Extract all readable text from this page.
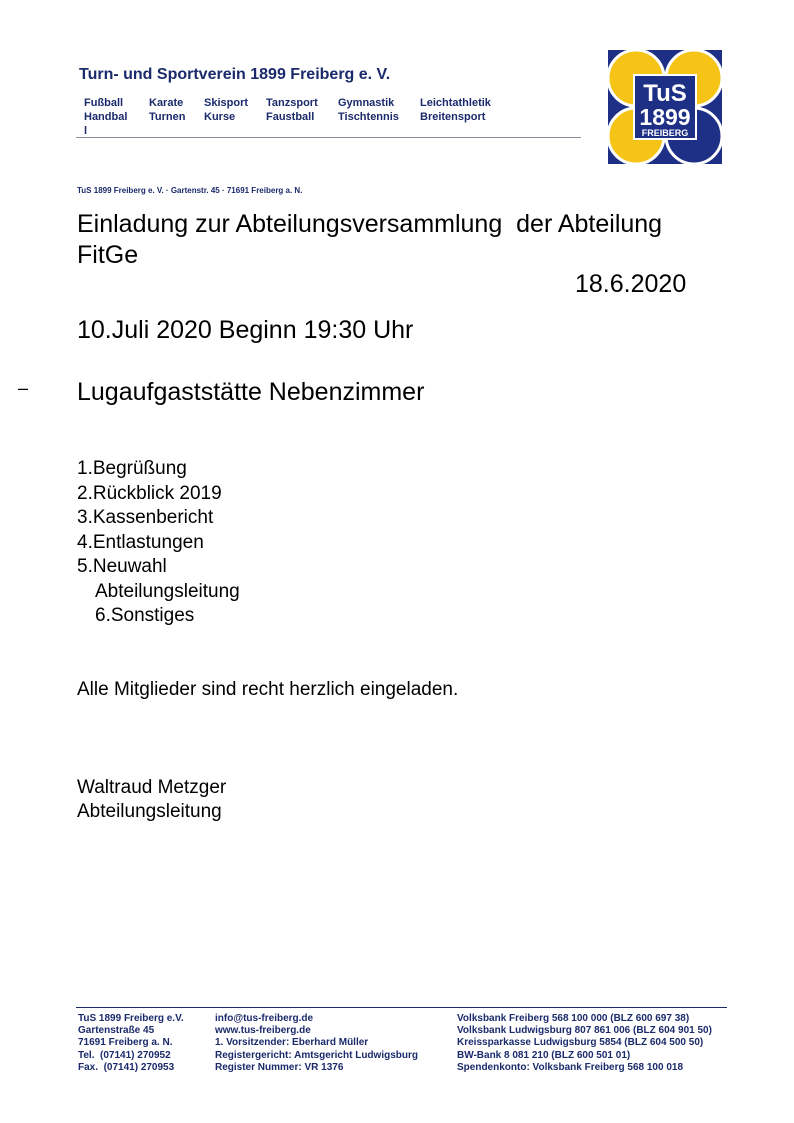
Turn- und Sportverein 1899 Freiberg e. V.
Fußball
Handbal
l
Karate
Turnen
Skisport
Kurse
Tanzsport
Faustball
Gymnastik
Tischtennis
Leichtathletik
Breitensport
TuS
1899
FREIBERG
TuS 1899 Freiberg e. V. · Gartenstr. 45 · 71691 Freiberg a. N.
Einladung zur Abteilungsversammlung  der Abteilung
FitGe
18.6.2020
10.Juli 2020 Beginn 19:30 Uhr
– Lugaufgaststätte Nebenzimmer
1.Begrüßung
2.Rückblick 2019
3.Kassenbericht
4.Entlastungen
5.Neuwahl
Abteilungsleitung
6.Sonstiges
Alle Mitglieder sind recht herzlich eingeladen.
Waltraud Metzger
Abteilungsleitung
TuS 1899 Freiberg e.V.
Gartenstraße 45
71691 Freiberg a. N.
Tel.  (07141) 270952
Fax.  (07141) 270953
info@tus-freiberg.de
www.tus-freiberg.de
1. Vorsitzender: Eberhard Müller
Registergericht: Amtsgericht Ludwigsburg
Register Nummer: VR 1376
Volksbank Freiberg 568 100 000 (BLZ 600 697 38)
Volksbank Ludwigsburg 807 861 006 (BLZ 604 901 50)
Kreissparkasse Ludwigsburg 5854 (BLZ 604 500 50)
BW-Bank 8 081 210 (BLZ 600 501 01)
Spendenkonto: Volksbank Freiberg 568 100 018
